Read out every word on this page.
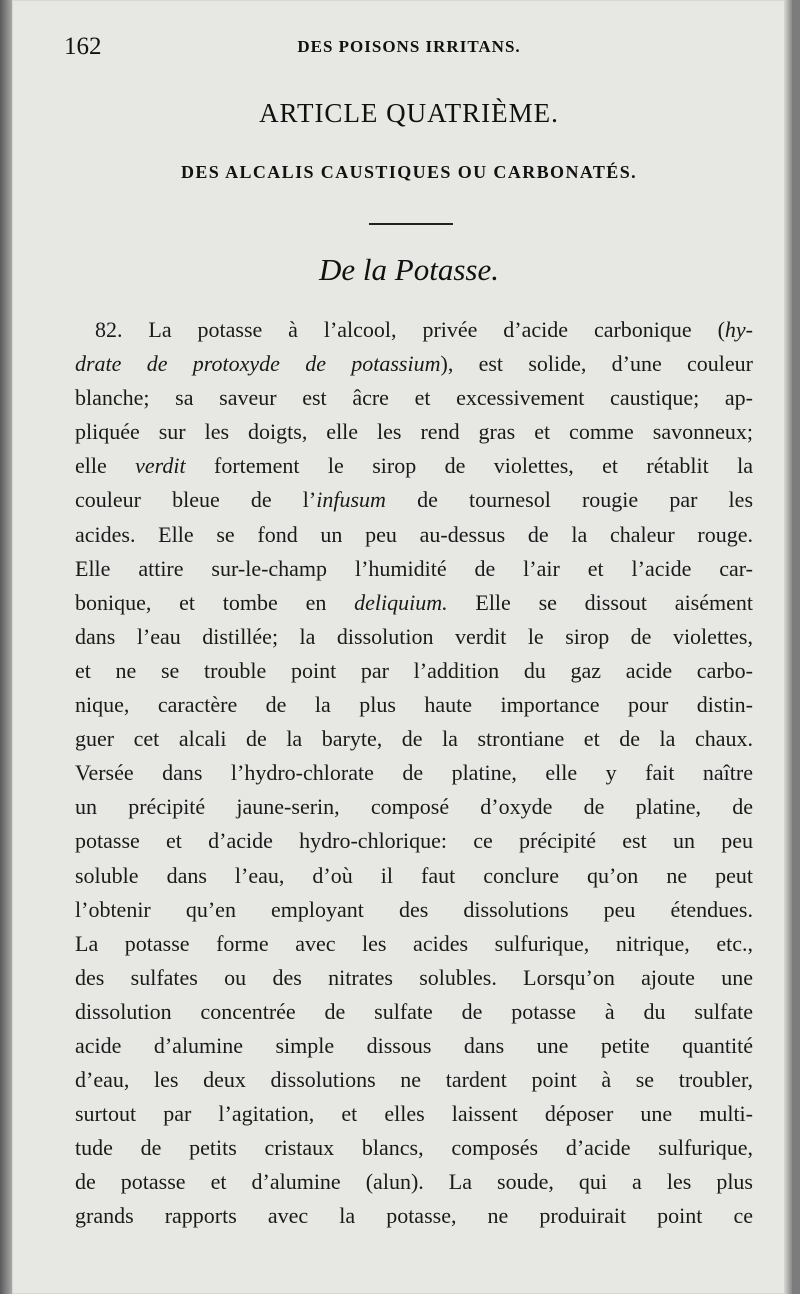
162	DES POISONS IRRITANS.
ARTICLE QUATRIÈME.
DES ALCALIS CAUSTIQUES OU CARBONATÉS.
De la Potasse.
82. La potasse à l’alcool, privée d’acide carbonique (hy-
drate de protoxyde de potassium), est solide, d’une couleur
blanche; sa saveur est âcre et excessivement caustique; ap-
pliquée sur les doigts, elle les rend gras et comme savonneux;
elle verdit fortement le sirop de violettes, et rétablit la
couleur bleue de l’infusum de tournesol rougie par les
acides. Elle se fond un peu au-dessus de la chaleur rouge.
Elle attire sur-le-champ l’humidité de l’air et l’acide car-
bonique, et tombe en deliquium. Elle se dissout aisément
dans l’eau distillée; la dissolution verdit le sirop de violettes,
et ne se trouble point par l’addition du gaz acide carbo-
nique, caractère de la plus haute importance pour distin-
guer cet alcali de la baryte, de la strontiane et de la chaux.
Versée dans l’hydro-chlorate de platine, elle y fait naître
un précipité jaune-serin, composé d’oxyde de platine, de
potasse et d’acide hydro-chlorique: ce précipité est un peu
soluble dans l’eau, d’où il faut conclure qu’on ne peut
l’obtenir qu’en employant des dissolutions peu étendues.
La potasse forme avec les acides sulfurique, nitrique, etc.,
des sulfates ou des nitrates solubles. Lorsqu’on ajoute une
dissolution concentrée de sulfate de potasse à du sulfate
acide d’alumine simple dissous dans une petite quantité
d’eau, les deux dissolutions ne tardent point à se troubler,
surtout par l’agitation, et elles laissent déposer une multi-
tude de petits cristaux blancs, composés d’acide sulfurique,
de potasse et d’alumine (alun). La soude, qui a les plus
grands rapports avec la potasse, ne produirait point ce
